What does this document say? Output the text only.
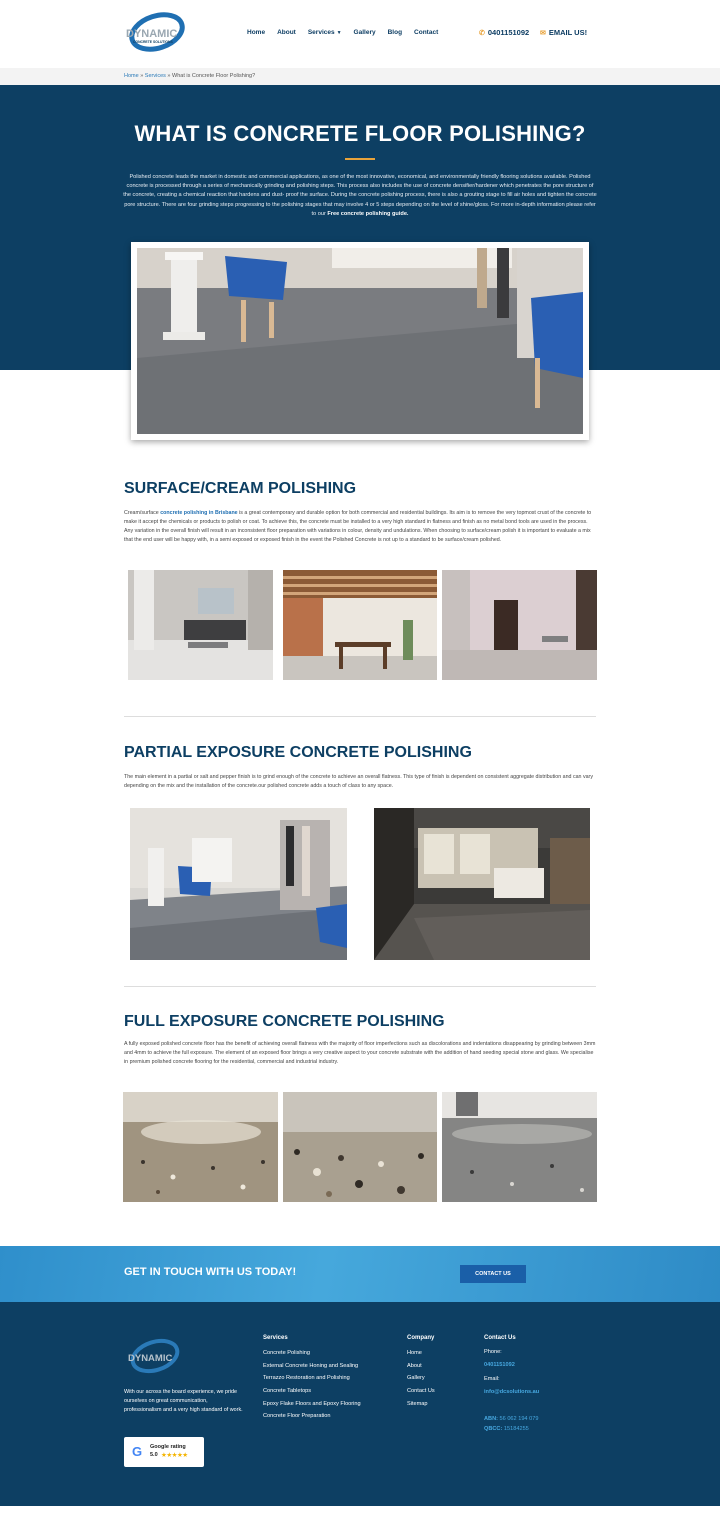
DYNAMIC
CONCRETE SOLUTIONS
Home About Services ▼ Gallery Blog Contact	✆ 0401151092 ✉ EMAIL US!
Home » Services » What is Concrete Floor Polishing?
WHAT IS CONCRETE FLOOR POLISHING?

Polished concrete leads the market in domestic and commercial applications, as one of the most innovative, economical, and environmentally friendly flooring solutions available. Polished concrete is processed through a series of mechanically grinding and polishing steps. This process also includes the use of concrete densifier/hardener which penetrates the pore structure of the concrete, creating a chemical reaction that hardens and dust- proof the surface. During the concrete polishing process, there is also a grouting stage to fill air holes and tighten the concrete pore structure. There are four grinding steps progressing to the polishing stages that may involve 4 or 5 steps depending on the level of shine/gloss. For more in-depth information please refer to our Free concrete polishing guide.

SURFACE/CREAM POLISHING

Cream/surface concrete polishing in Brisbane is a great contemporary and durable option for both commercial and residential buildings. Its aim is to remove the very topmost crust of the concrete to make it accept the chemicals or products to polish or coat. To achieve this, the concrete must be installed to a very high standard in flatness and finish as no metal bond tools are used in the process. Any variation in the overall finish will result in an inconsistent floor preparation with variations in colour, density and undulations. When choosing to surface/cream polish it is important to evaluate a mix that the end user will be happy with, in a semi exposed or exposed finish in the event the Polished Concrete is not up to a standard to be surface/cream polished.

PARTIAL EXPOSURE CONCRETE POLISHING

The main element in a partial or salt and pepper finish is to grind enough of the concrete to achieve an overall flatness. This type of finish is dependent on consistent aggregate distribution and can vary depending on the mix and the installation of the concrete.our polished concrete adds a touch of class to any space.

FULL EXPOSURE CONCRETE POLISHING

A fully exposed polished concrete floor has the benefit of achieving overall flatness with the majority of floor imperfections such as discolorations and indentations disappearing by grinding between 3mm and 4mm to achieve the full exposure. The element of an exposed floor brings a very creative aspect to your concrete substrate with the addition of hand seeding special stone and glass. We specialise in premium polished concrete flooring for the residential, commercial and industrial industry.

GET IN TOUCH WITH US TODAY!	CONTACT US
DYNAMIC

With our across the board experience, we pride ourselves on great communication, professionalism and a very high standard of work.

G Google rating
5.0 ★★★★★
Services
Concrete Polishing
External Concrete Honing and Sealing
Terrazzo Restoration and Polishing
Concrete Tabletops
Epoxy Flake Floors and Epoxy Flooring
Concrete Floor Preparation
Company
Home
About
Gallery
Contact Us
Sitemap
Contact Us
Phone:
0401151092
Email:
info@dcsolutions.au
ABN: 56 062 194 079
QBCC: 15184255
